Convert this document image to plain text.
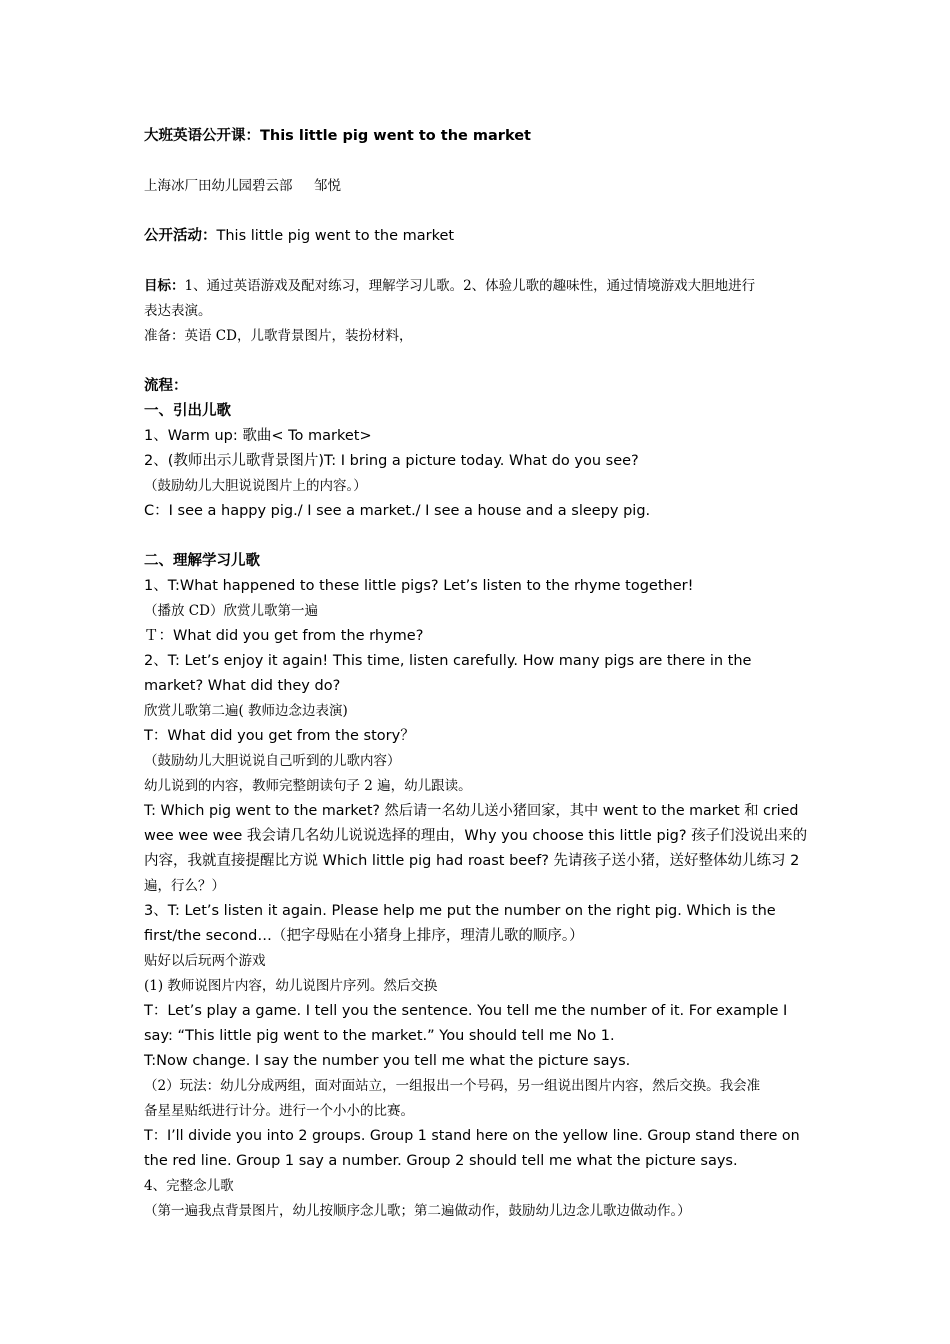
大班英语公开课：This little pig went to the market

上海冰厂田幼儿园碧云部     邹悦

公开活动：This little pig went to the market

目标：1、通过英语游戏及配对练习，理解学习儿歌。2、体验儿歌的趣味性，通过情境游戏大胆地进行

表达表演。

准备：英语 CD，儿歌背景图片，装扮材料，

流程：

一、引出儿歌

1、Warm up: 歌曲< To market>

2、(教师出示儿歌背景图片)T: I bring a picture today. What do you see?

（鼓励幼儿大胆说说图片上的内容。）

C：I see a happy pig./ I see a market./ I see a house and a sleepy pig.

二、理解学习儿歌

1、T:What happened to these little pigs? Let’s listen to the rhyme together!

（播放 CD）欣赏儿歌第一遍

Ｔ：What did you get from the rhyme?

2、T: Let’s enjoy it again! This time, listen carefully. How many pigs are there in the

market? What did they do?

欣赏儿歌第二遍( 教师边念边表演)

T：What did you get from the story？

（鼓励幼儿大胆说说自己听到的儿歌内容）

幼儿说到的内容，教师完整朗读句子 2 遍，幼儿跟读。

T: Which pig went to the market? 然后请一名幼儿送小猪回家，其中 went to the market 和 cried

wee wee wee 我会请几名幼儿说说选择的理由，Why you choose this little pig? 孩子们没说出来的

内容，我就直接提醒比方说 Which little pig had roast beef? 先请孩子送小猪，送好整体幼儿练习 2

遍，行么？）

3、T: Let’s listen it again. Please help me put the number on the right pig. Which is the

first/the second…（把字母贴在小猪身上排序，理清儿歌的顺序。）

贴好以后玩两个游戏

(1) 教师说图片内容，幼儿说图片序列。然后交换

T：Let’s play a game. I tell you the sentence. You tell me the number of it. For example I

say: “This little pig went to the market.” You should tell me No 1.

T:Now change. I say the number you tell me what the picture says.

（2）玩法：幼儿分成两组，面对面站立，一组报出一个号码，另一组说出图片内容，然后交换。我会准

备星星贴纸进行计分。进行一个小小的比赛。

T：I’ll divide you into 2 groups. Group 1 stand here on the yellow line. Group stand there on

the red line. Group 1 say a number. Group 2 should tell me what the picture says.

4、完整念儿歌

（第一遍我点背景图片，幼儿按顺序念儿歌；第二遍做动作，鼓励幼儿边念儿歌边做动作。）
